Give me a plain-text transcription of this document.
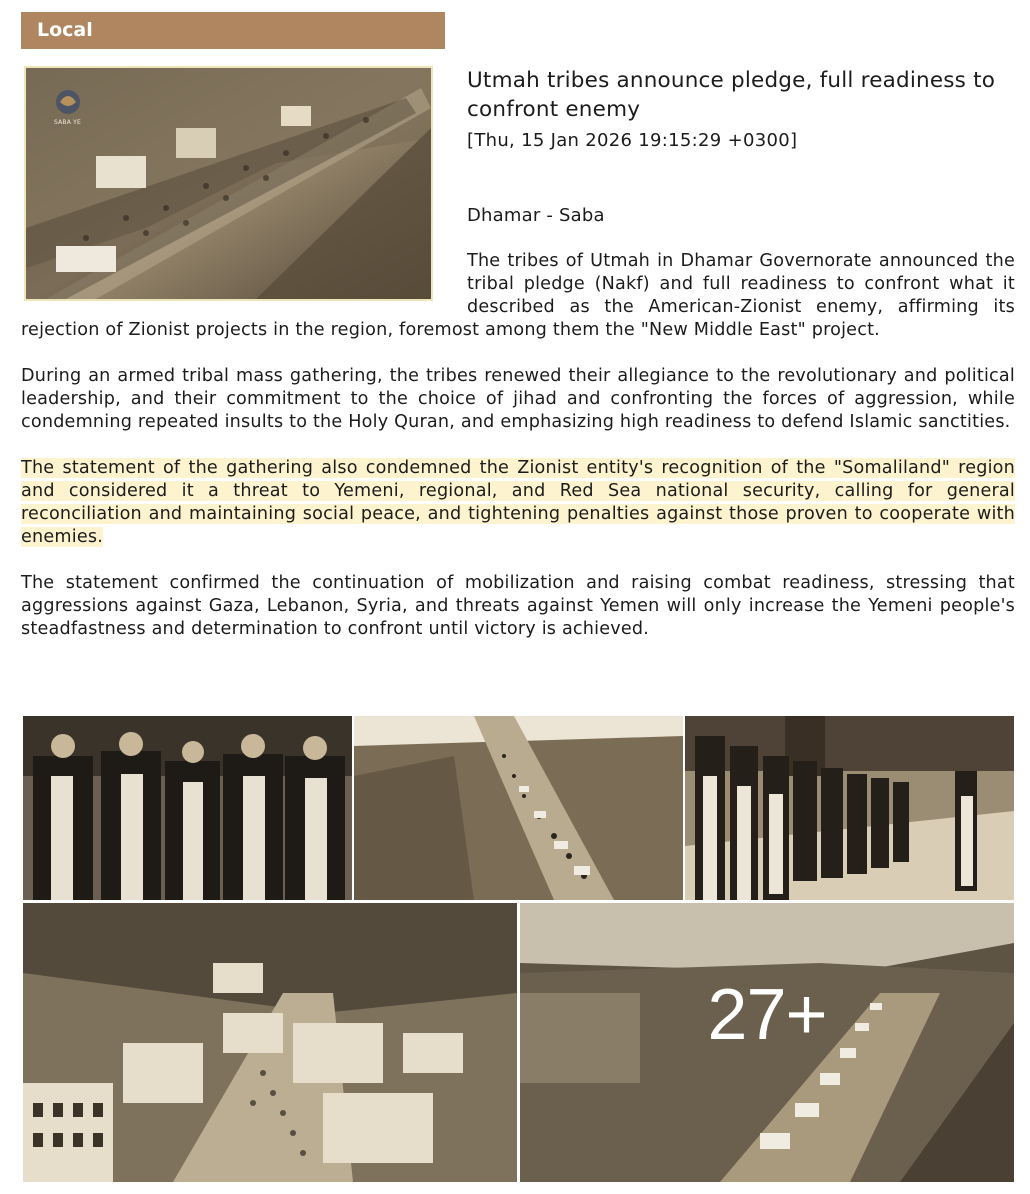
Local
SABA YE
Utmah tribes announce pledge, full readiness to confront enemy

[Thu, 15 Jan 2026 19:15:29 +0300]

Dhamar - Saba

The tribes of Utmah in Dhamar Governorate announced the tribal pledge (Nakf) and full readiness to confront what it described as the American-Zionist enemy, affirming its rejection of Zionist projects in the region, foremost among them the "New Middle East" project.

During an armed tribal mass gathering, the tribes renewed their allegiance to the revolutionary and political leadership, and their commitment to the choice of jihad and confronting the forces of aggression, while condemning repeated insults to the Holy Quran, and emphasizing high readiness to defend Islamic sanctities.

The statement of the gathering also condemned the Zionist entity's recognition of the "Somaliland" region and considered it a threat to Yemeni, regional, and Red Sea national security, calling for general reconciliation and maintaining social peace, and tightening penalties against those proven to cooperate with enemies.

The statement confirmed the continuation of mobilization and raising combat readiness, stressing that aggressions against Gaza, Lebanon, Syria, and threats against Yemen will only increase the Yemeni people's steadfastness and determination to confront until victory is achieved.

27+
